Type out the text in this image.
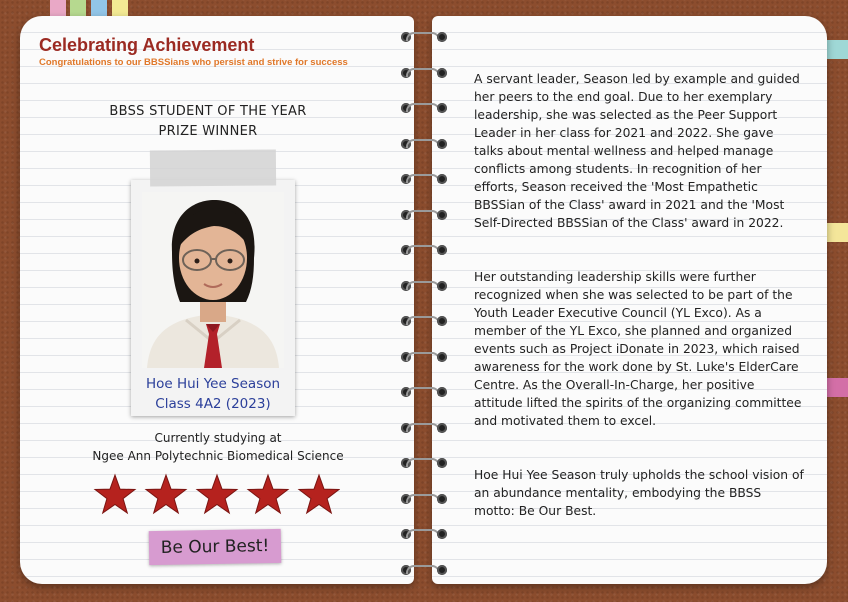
Celebrating Achievement
Congratulations to our BBSSians who persist and strive for success
BBSS STUDENT OF THE YEAR
PRIZE WINNER
Hoe Hui Yee Season
Class 4A2 (2023)
Currently studying at
Ngee Ann Polytechnic Biomedical Science
Be Our Best!

A servant leader, Season led by example and guided her peers to the end goal. Due to her exemplary leadership, she was selected as the Peer Support Leader in her class for 2021 and 2022. She gave talks about mental wellness and helped manage conflicts among students. In recognition of her efforts, Season received the 'Most Empathetic BBSSian of the Class' award in 2021 and the 'Most Self-Directed BBSSian of the Class' award in 2022.

Her outstanding leadership skills were further recognized when she was selected to be part of the Youth Leader Executive Council (YL Exco). As a member of the YL Exco, she planned and organized events such as Project iDonate in 2023, which raised awareness for the work done by St. Luke's ElderCare Centre. As the Overall-In-Charge, her positive attitude lifted the spirits of the organizing committee and motivated them to excel.

Hoe Hui Yee Season truly upholds the school vision of an abundance mentality, embodying the BBSS motto: Be Our Best.
